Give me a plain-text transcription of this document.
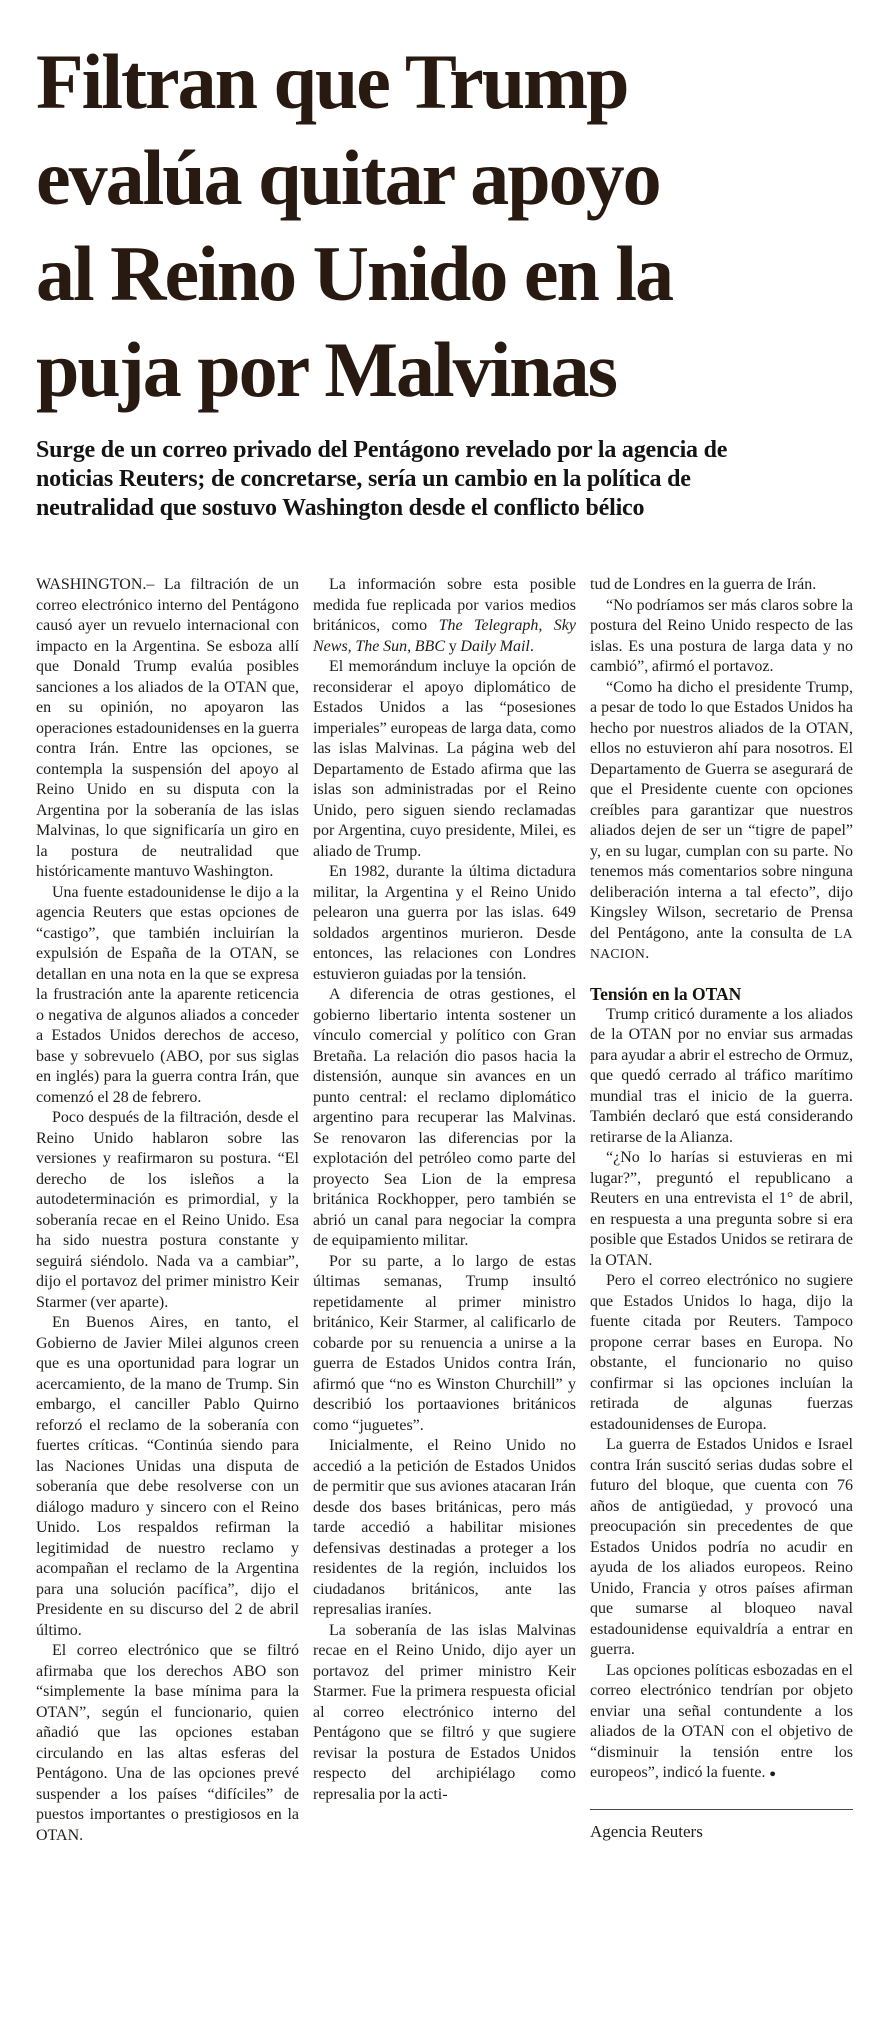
Filtran que Trump
evalúa quitar apoyo
al Reino Unido en la
puja por Malvinas
Surge de un correo privado del Pentágono revelado por la agencia de
noticias Reuters; de concretarse, sería un cambio en la política de
neutralidad que sostuvo Washington desde el conflicto bélico

WASHINGTON.– La filtración de un correo electrónico interno del Pentágono causó ayer un revuelo internacional con impacto en la Argentina. Se esboza allí que Donald Trump evalúa posibles sanciones a los aliados de la OTAN que, en su opinión, no apoyaron las operaciones estadounidenses en la guerra contra Irán. Entre las opciones, se contempla la suspensión del apoyo al Reino Unido en su disputa con la Argentina por la soberanía de las islas Malvinas, lo que significaría un giro en la postura de neutralidad que históricamente mantuvo Washington.

Una fuente estadounidense le dijo a la agencia Reuters que estas opciones de “castigo”, que también incluirían la expulsión de España de la OTAN, se detallan en una nota en la que se expresa la frustración ante la aparente reticencia o negativa de algunos aliados a conceder a Estados Unidos derechos de acceso, base y sobrevuelo (ABO, por sus siglas en inglés) para la guerra contra Irán, que comenzó el 28 de febrero.

Poco después de la filtración, desde el Reino Unido hablaron sobre las versiones y reafirmaron su postura. “El derecho de los isleños a la autodeterminación es primordial, y la soberanía recae en el Reino Unido. Esa ha sido nuestra postura constante y seguirá siéndolo. Nada va a cambiar”, dijo el portavoz del primer ministro Keir Starmer (ver aparte).

En Buenos Aires, en tanto, el Gobierno de Javier Milei algunos creen que es una oportunidad para lograr un acercamiento, de la mano de Trump. Sin embargo, el canciller Pablo Quirno reforzó el reclamo de la soberanía con fuertes críticas. “Continúa siendo para las Naciones Unidas una disputa de soberanía que debe resolverse con un diálogo maduro y sincero con el Reino Unido. Los respaldos refirman la legitimidad de nuestro reclamo y acompañan el reclamo de la Argentina para una solución pacífica”, dijo el Presidente en su discurso del 2 de abril último.

El correo electrónico que se filtró afirmaba que los derechos ABO son “simplemente la base mínima para la OTAN”, según el funcionario, quien añadió que las opciones estaban circulando en las altas esferas del Pentágono. Una de las opciones prevé suspender a los países “difíciles” de puestos importantes o prestigiosos en la OTAN.

La información sobre esta posible medida fue replicada por varios medios británicos, como The Telegraph, Sky News, The Sun, BBC y Daily Mail.

El memorándum incluye la opción de reconsiderar el apoyo diplomático de Estados Unidos a las “posesiones imperiales” europeas de larga data, como las islas Malvinas. La página web del Departamento de Estado afirma que las islas son administradas por el Reino Unido, pero siguen siendo reclamadas por Argentina, cuyo presidente, Milei, es aliado de Trump.

En 1982, durante la última dictadura militar, la Argentina y el Reino Unido pelearon una guerra por las islas. 649 soldados argentinos murieron. Desde entonces, las relaciones con Londres estuvieron guiadas por la tensión.

A diferencia de otras gestiones, el gobierno libertario intenta sostener un vínculo comercial y político con Gran Bretaña. La relación dio pasos hacia la distensión, aunque sin avances en un punto central: el reclamo diplomático argentino para recuperar las Malvinas. Se renovaron las diferencias por la explotación del petróleo como parte del proyecto Sea Lion de la empresa británica Rockhopper, pero también se abrió un canal para negociar la compra de equipamiento militar.

Por su parte, a lo largo de estas últimas semanas, Trump insultó repetidamente al primer ministro británico, Keir Starmer, al calificarlo de cobarde por su renuencia a unirse a la guerra de Estados Unidos contra Irán, afirmó que “no es Winston Churchill” y describió los portaaviones británicos como “juguetes”.

Inicialmente, el Reino Unido no accedió a la petición de Estados Unidos de permitir que sus aviones atacaran Irán desde dos bases británicas, pero más tarde accedió a habilitar misiones defensivas destinadas a proteger a los residentes de la región, incluidos los ciudadanos británicos, ante las represalias iraníes.

La soberanía de las islas Malvinas recae en el Reino Unido, dijo ayer un portavoz del primer ministro Keir Starmer. Fue la primera respuesta oficial al correo electrónico interno del Pentágono que se filtró y que sugiere revisar la postura de Estados Unidos respecto del archipiélago como represalia por la acti-

tud de Londres en la guerra de Irán.

“No podríamos ser más claros sobre la postura del Reino Unido respecto de las islas. Es una postura de larga data y no cambió”, afirmó el portavoz.

“Como ha dicho el presidente Trump, a pesar de todo lo que Estados Unidos ha hecho por nuestros aliados de la OTAN, ellos no estuvieron ahí para nosotros. El Departamento de Guerra se asegurará de que el Presidente cuente con opciones creíbles para garantizar que nuestros aliados dejen de ser un “tigre de papel” y, en su lugar, cumplan con su parte. No tenemos más comentarios sobre ninguna deliberación interna a tal efecto”, dijo Kingsley Wilson, secretario de Prensa del Pentágono, ante la consulta de LA NACION.

Tensión en la OTAN

Trump criticó duramente a los aliados de la OTAN por no enviar sus armadas para ayudar a abrir el estrecho de Ormuz, que quedó cerrado al tráfico marítimo mundial tras el inicio de la guerra. También declaró que está considerando retirarse de la Alianza.

“¿No lo harías si estuvieras en mi lugar?”, preguntó el republicano a Reuters en una entrevista el 1° de abril, en respuesta a una pregunta sobre si era posible que Estados Unidos se retirara de la OTAN.

Pero el correo electrónico no sugiere que Estados Unidos lo haga, dijo la fuente citada por Reuters. Tampoco propone cerrar bases en Europa. No obstante, el funcionario no quiso confirmar si las opciones incluían la retirada de algunas fuerzas estadounidenses de Europa.

La guerra de Estados Unidos e Israel contra Irán suscitó serias dudas sobre el futuro del bloque, que cuenta con 76 años de antigüedad, y provocó una preocupación sin precedentes de que Estados Unidos podría no acudir en ayuda de los aliados europeos. Reino Unido, Francia y otros países afirman que sumarse al bloqueo naval estadounidense equivaldría a entrar en guerra.

Las opciones políticas esbozadas en el correo electrónico tendrían por objeto enviar una señal contundente a los aliados de la OTAN con el objetivo de “disminuir la tensión entre los europeos”, indicó la fuente. ●

Agencia Reuters
